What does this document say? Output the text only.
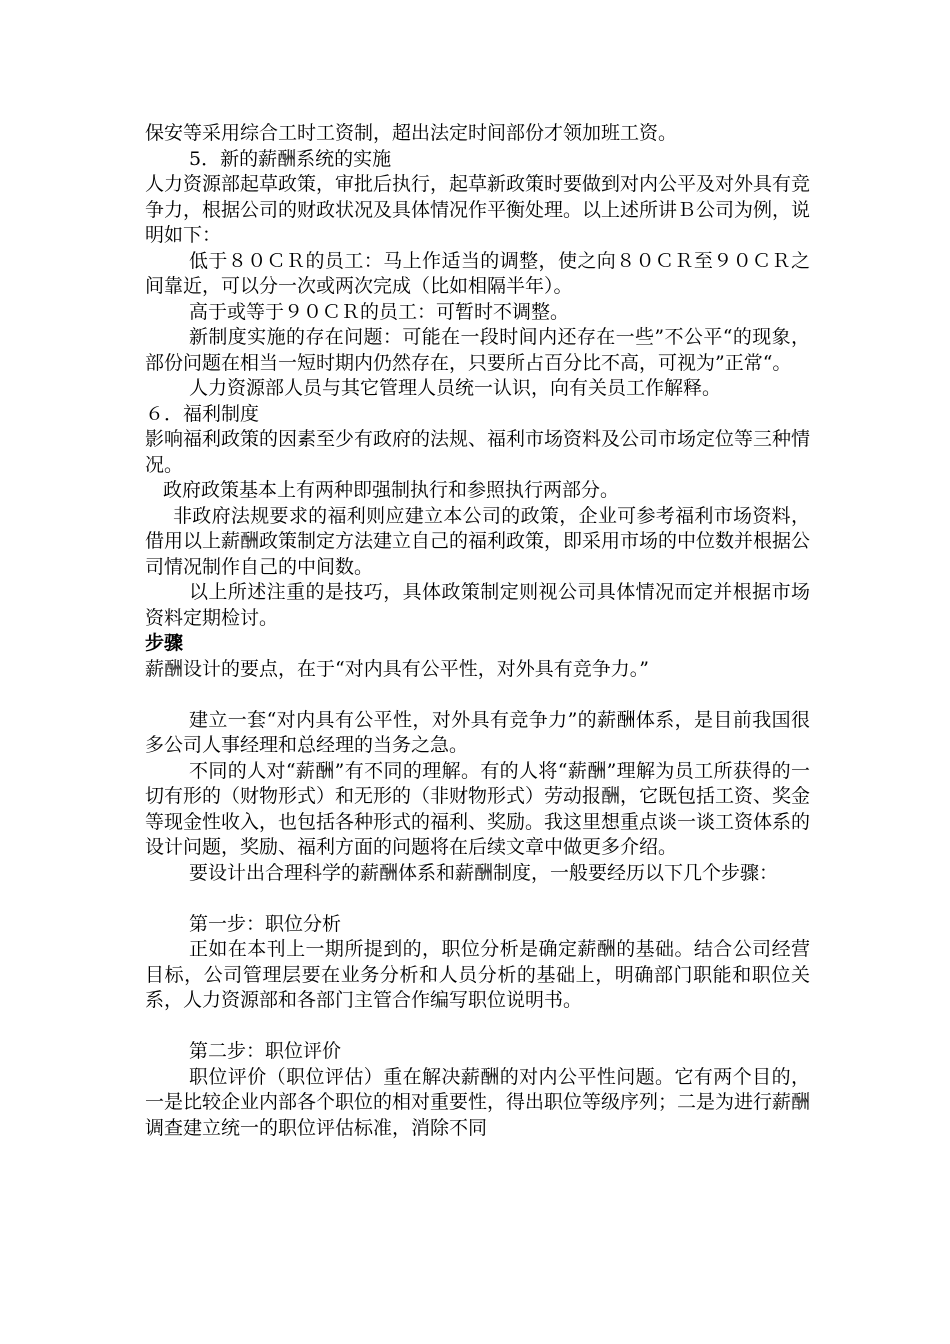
保安等采用综合工时工资制，超出法定时间部份才领加班工资。

5．新的薪酬系统的实施

人力资源部起草政策，审批后执行，起草新政策时要做到对内公平及对外具有竞争力，根据公司的财政状况及具体情况作平衡处理。以上述所讲Ｂ公司为例，说明如下：

低于８０ＣＲ的员工：马上作适当的调整，使之向８０ＣＲ至９０ＣＲ之间靠近，可以分一次或两次完成（比如相隔半年）。

高于或等于９０ＣＲ的员工：可暂时不调整。

新制度实施的存在问题：可能在一段时间内还存在一些”不公平“的现象，部份问题在相当一短时期内仍然存在，只要所占百分比不高，可视为”正常“。

人力资源部人员与其它管理人员统一认识，向有关员工作解释。

６．福利制度

影响福利政策的因素至少有政府的法规、福利市场资料及公司市场定位等三种情况。

政府政策基本上有两种即强制执行和参照执行两部分。

非政府法规要求的福利则应建立本公司的政策，企业可参考福利市场资料，借用以上薪酬政策制定方法建立自己的福利政策，即采用市场的中位数并根据公司情况制作自己的中间数。

以上所述注重的是技巧，具体政策制定则视公司具体情况而定并根据市场资料定期检讨。

步骤

薪酬设计的要点，在于“对内具有公平性，对外具有竞争力。”

建立一套“对内具有公平性，对外具有竞争力”的薪酬体系，是目前我国很多公司人事经理和总经理的当务之急。

不同的人对“薪酬”有不同的理解。有的人将“薪酬”理解为员工所获得的一切有形的（财物形式）和无形的（非财物形式）劳动报酬，它既包括工资、奖金等现金性收入，也包括各种形式的福利、奖励。我这里想重点谈一谈工资体系的设计问题，奖励、福利方面的问题将在后续文章中做更多介绍。

要设计出合理科学的薪酬体系和薪酬制度，一般要经历以下几个步骤：

第一步：职位分析

正如在本刊上一期所提到的，职位分析是确定薪酬的基础。结合公司经营目标，公司管理层要在业务分析和人员分析的基础上，明确部门职能和职位关系，人力资源部和各部门主管合作编写职位说明书。

第二步：职位评价

职位评价（职位评估）重在解决薪酬的对内公平性问题。它有两个目的，一是比较企业内部各个职位的相对重要性，得出职位等级序列；二是为进行薪酬调查建立统一的职位评估标准，消除不同
